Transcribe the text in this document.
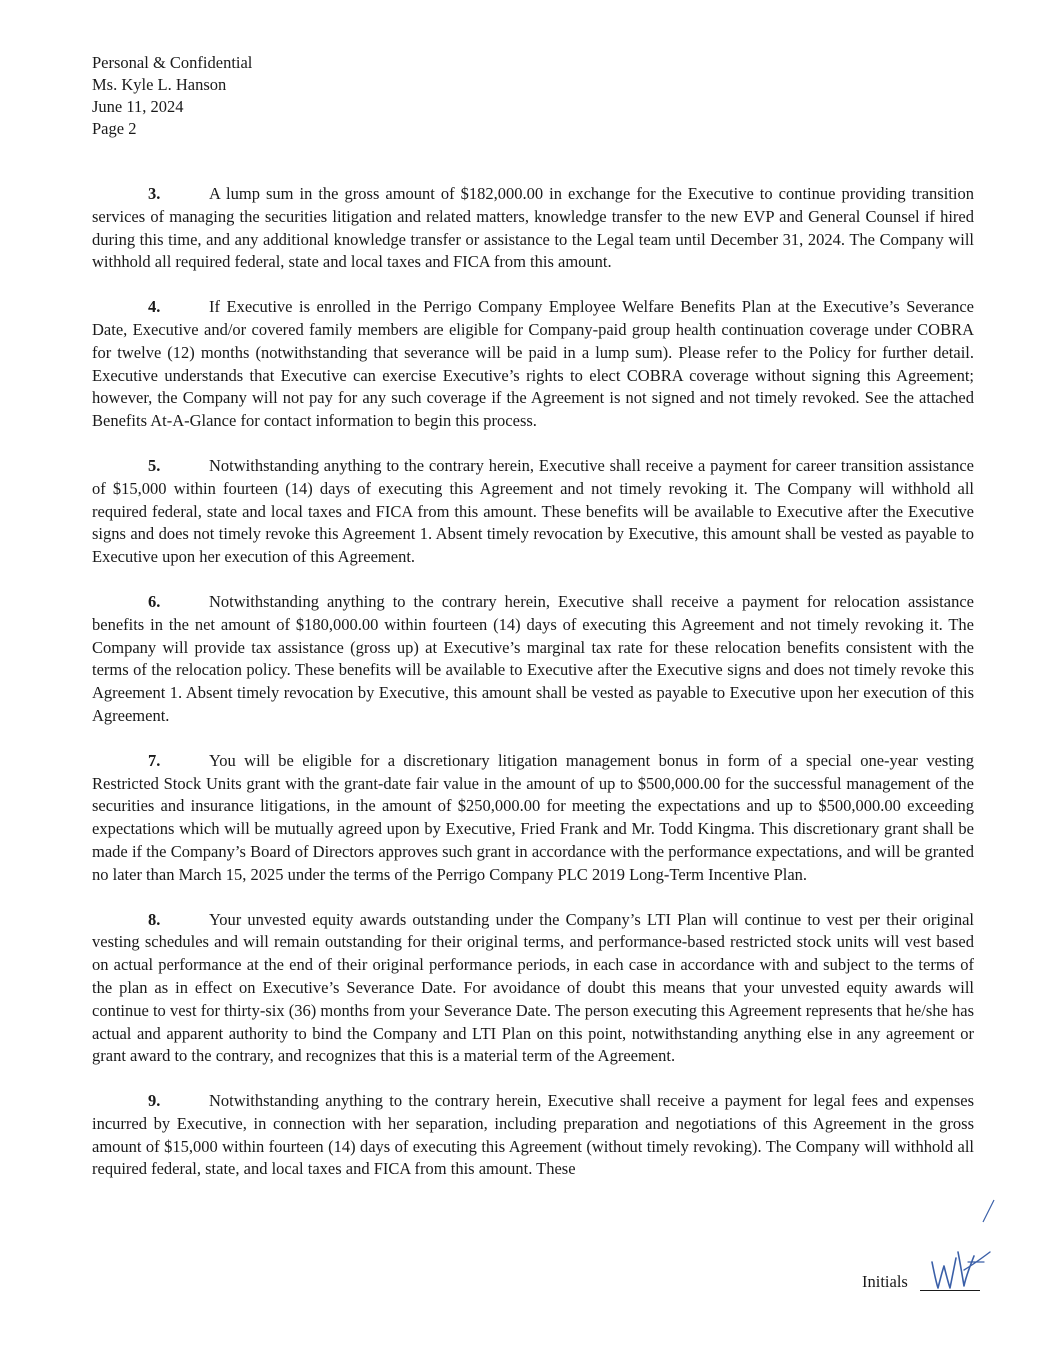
Personal & Confidential
Ms. Kyle L. Hanson
June 11, 2024
Page 2

3.	A lump sum in the gross amount of $182,000.00 in exchange for the Executive to continue providing transition services of managing the securities litigation and related matters, knowledge transfer to the new EVP and General Counsel if hired during this time, and any additional knowledge transfer or assistance to the Legal team until December 31, 2024. The Company will withhold all required federal, state and local taxes and FICA from this amount.

4.	If Executive is enrolled in the Perrigo Company Employee Welfare Benefits Plan at the Executive’s Severance Date, Executive and/or covered family members are eligible for Company-paid group health continuation coverage under COBRA for twelve (12) months (notwithstanding that severance will be paid in a lump sum). Please refer to the Policy for further detail. Executive understands that Executive can exercise Executive’s rights to elect COBRA coverage without signing this Agreement; however, the Company will not pay for any such coverage if the Agreement is not signed and not timely revoked. See the attached Benefits At-A-Glance for contact information to begin this process.

5.	Notwithstanding anything to the contrary herein, Executive shall receive a payment for career transition assistance of $15,000 within fourteen (14) days of executing this Agreement and not timely revoking it. The Company will withhold all required federal, state and local taxes and FICA from this amount. These benefits will be available to Executive after the Executive signs and does not timely revoke this Agreement 1. Absent timely revocation by Executive, this amount shall be vested as payable to Executive upon her execution of this Agreement.

6.	Notwithstanding anything to the contrary herein, Executive shall receive a payment for relocation assistance benefits in the net amount of $180,000.00 within fourteen (14) days of executing this Agreement and not timely revoking it. The Company will provide tax assistance (gross up) at Executive’s marginal tax rate for these relocation benefits consistent with the terms of the relocation policy. These benefits will be available to Executive after the Executive signs and does not timely revoke this Agreement 1. Absent timely revocation by Executive, this amount shall be vested as payable to Executive upon her execution of this Agreement.

7.	You will be eligible for a discretionary litigation management bonus in form of a special one-year vesting Restricted Stock Units grant with the grant-date fair value in the amount of up to $500,000.00 for the successful management of the securities and insurance litigations, in the amount of $250,000.00 for meeting the expectations and up to $500,000.00 exceeding expectations which will be mutually agreed upon by Executive, Fried Frank and Mr. Todd Kingma. This discretionary grant shall be made if the Company’s Board of Directors approves such grant in accordance with the performance expectations, and will be granted no later than March 15, 2025 under the terms of the Perrigo Company PLC 2019 Long-Term Incentive Plan.

8.	Your unvested equity awards outstanding under the Company’s LTI Plan will continue to vest per their original vesting schedules and will remain outstanding for their original terms, and performance-based restricted stock units will vest based on actual performance at the end of their original performance periods, in each case in accordance with and subject to the terms of the plan as in effect on Executive’s Severance Date. For avoidance of doubt this means that your unvested equity awards will continue to vest for thirty-six (36) months from your Severance Date. The person executing this Agreement represents that he/she has actual and apparent authority to bind the Company and LTI Plan on this point, notwithstanding anything else in any agreement or grant award to the contrary, and recognizes that this is a material term of the Agreement.

9.	Notwithstanding anything to the contrary herein, Executive shall receive a payment for legal fees and expenses incurred by Executive, in connection with her separation, including preparation and negotiations of this Agreement in the gross amount of $15,000 within fourteen (14) days of executing this Agreement (without timely revoking). The Company will withhold all required federal, state, and local taxes and FICA from this amount. These

Initials
